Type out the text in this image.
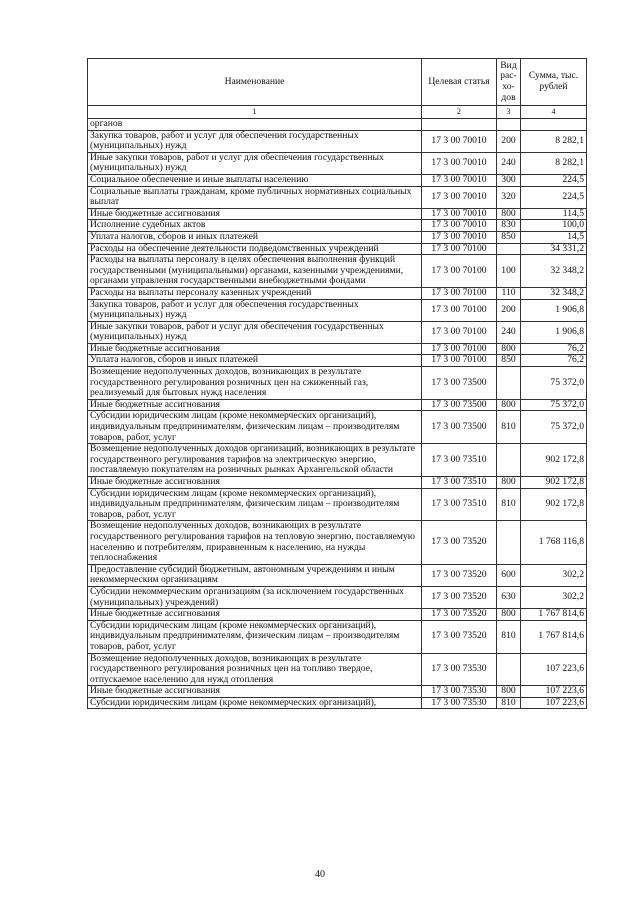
Наименование	Целевая статья	Вид рас-хо-дов	Сумма, тыс. рублей
1	2	3	4
органов			
Закупка товаров, работ и услуг для обеспечения государственных (муниципальных) нужд	17 3 00 70010	200	8 282,1
Иные закупки товаров, работ и услуг для обеспечения государственных (муниципальных) нужд	17 3 00 70010	240	8 282,1
Социальное обеспечение и иные выплаты населению	17 3 00 70010	300	224,5
Социальные выплаты гражданам, кроме публичных нормативных социальных выплат	17 3 00 70010	320	224,5
Иные бюджетные ассигнования	17 3 00 70010	800	114,5
Исполнение судебных актов	17 3 00 70010	830	100,0
Уплата налогов, сборов и иных платежей	17 3 00 70010	850	14,5
Расходы на обеспечение деятельности подведомственных учреждений	17 3 00 70100		34 331,2
Расходы на выплаты персоналу в целях обеспечения выполнения функций государственными (муниципальными) органами, казенными учреждениями, органами управления государственными внебюджетными фондами	17 3 00 70100	100	32 348,2
Расходы на выплаты персоналу казенных учреждений	17 3 00 70100	110	32 348,2
Закупка товаров, работ и услуг для обеспечения государственных (муниципальных) нужд	17 3 00 70100	200	1 906,8
Иные закупки товаров, работ и услуг для обеспечения государственных (муниципальных) нужд	17 3 00 70100	240	1 906,8
Иные бюджетные ассигнования	17 3 00 70100	800	76,2
Уплата налогов, сборов и иных платежей	17 3 00 70100	850	76,2
Возмещение недополученных доходов, возникающих в результате государственного регулирования розничных цен на сжиженный газ, реализуемый для бытовых нужд населения	17 3 00 73500		75 372,0
Иные бюджетные ассигнования	17 3 00 73500	800	75 372,0
Субсидии юридическим лицам (кроме некоммерческих организаций), индивидуальным предпринимателям, физическим лицам – производителям товаров, работ, услуг	17 3 00 73500	810	75 372,0
Возмещение недополученных доходов организаций, возникающих в результате государственного регулирования тарифов на электрическую энергию, поставляемую покупателям на розничных рынках Архангельской области	17 3 00 73510		902 172,8
Иные бюджетные ассигнования	17 3 00 73510	800	902 172,8
Субсидии юридическим лицам (кроме некоммерческих организаций), индивидуальным предпринимателям, физическим лицам – производителям товаров, работ, услуг	17 3 00 73510	810	902 172,8
Возмещение недополученных доходов, возникающих в результате государственного регулирования тарифов на тепловую энергию, поставляемую населению и потребителям, приравненным к населению, на нужды теплоснабжения	17 3 00 73520		1 768 116,8
Предоставление субсидий бюджетным, автономным учреждениям и иным некоммерческим организациям	17 3 00 73520	600	302,2
Субсидии некоммерческим организациям (за исключением государственных (муниципальных) учреждений)	17 3 00 73520	630	302,2
Иные бюджетные ассигнования	17 3 00 73520	800	1 767 814,6
Субсидии юридическим лицам (кроме некоммерческих организаций), индивидуальным предпринимателям, физическим лицам – производителям товаров, работ, услуг	17 3 00 73520	810	1 767 814,6
Возмещение недополученных доходов, возникающих в результате государственного регулирования розничных цен на топливо твердое, отпускаемое населению для нужд отопления	17 3 00 73530		107 223,6
Иные бюджетные ассигнования	17 3 00 73530	800	107 223,6
Субсидии юридическим лицам (кроме некоммерческих организаций),	17 3 00 73530	810	107 223,6
40
